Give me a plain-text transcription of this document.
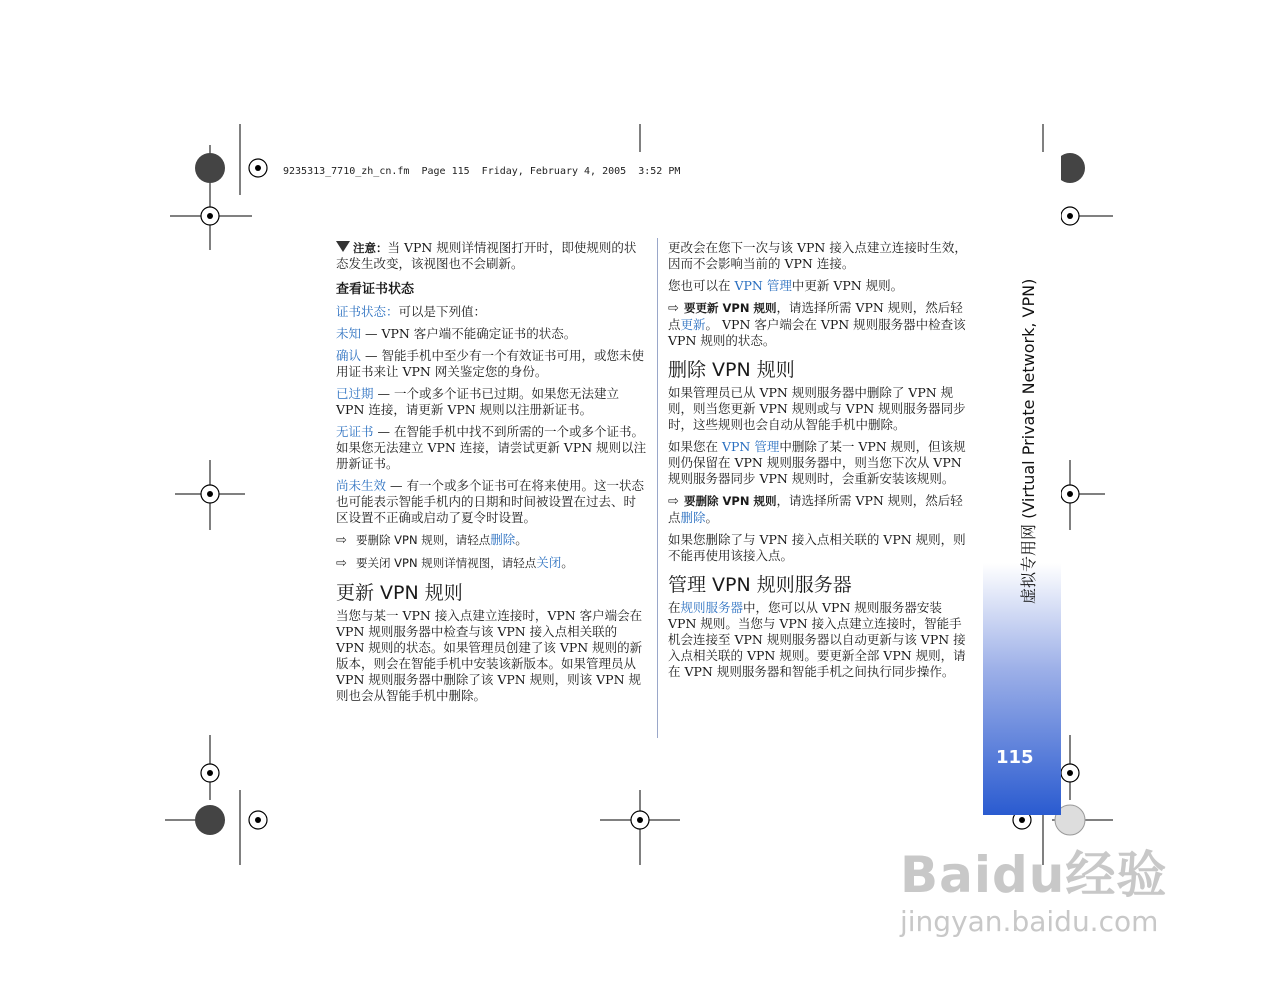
9235313_7710_zh_cn.fm  Page 115  Friday, February 4, 2005  3:52 PM
虚拟专用网 (Virtual Private Network, VPN)
115

注意：当 VPN 规则详情视图打开时，即使规则的状态发生改变，该视图也不会刷新。

查看证书状态

证书状态：可以是下列值：

未知 — VPN 客户端不能确定证书的状态。

确认 — 智能手机中至少有一个有效证书可用，或您未使用证书来让 VPN 网关鉴定您的身份。

已过期 — 一个或多个证书已过期。如果您无法建立 VPN 连接，请更新 VPN 规则以注册新证书。

无证书 — 在智能手机中找不到所需的一个或多个证书。如果您无法建立 VPN 连接，请尝试更新 VPN 规则以注册新证书。

尚未生效 — 有一个或多个证书可在将来使用。这一状态也可能表示智能手机内的日期和时间被设置在过去、时区设置不正确或启动了夏令时设置。

⇨ 要删除 VPN 规则，请轻点删除。

⇨ 要关闭 VPN 规则详情视图，请轻点关闭。

更新 VPN 规则

当您与某一 VPN 接入点建立连接时，VPN 客户端会在 VPN 规则服务器中检查与该 VPN 接入点相关联的 VPN 规则的状态。如果管理员创建了该 VPN 规则的新版本，则会在智能手机中安装该新版本。如果管理员从 VPN 规则服务器中删除了该 VPN 规则，则该 VPN 规则也会从智能手机中删除。

更改会在您下一次与该 VPN 接入点建立连接时生效，因而不会影响当前的 VPN 连接。

您也可以在 VPN 管理中更新 VPN 规则。

⇨ 要更新 VPN 规则，请选择所需 VPN 规则，然后轻点更新。 VPN 客户端会在 VPN 规则服务器中检查该 VPN 规则的状态。

删除 VPN 规则

如果管理员已从 VPN 规则服务器中删除了 VPN 规则，则当您更新 VPN 规则或与 VPN 规则服务器同步时，这些规则也会自动从智能手机中删除。

如果您在 VPN 管理中删除了某一 VPN 规则，但该规则仍保留在 VPN 规则服务器中，则当您下次从 VPN 规则服务器同步 VPN 规则时，会重新安装该规则。

⇨ 要删除 VPN 规则，请选择所需 VPN 规则，然后轻点删除。

如果您删除了与 VPN 接入点相关联的 VPN 规则，则不能再使用该接入点。

管理 VPN 规则服务器

在规则服务器中，您可以从 VPN 规则服务器安装 VPN 规则。当您与 VPN 接入点建立连接时，智能手机会连接至 VPN 规则服务器以自动更新与该 VPN 接入点相关联的 VPN 规则。要更新全部 VPN 规则，请在 VPN 规则服务器和智能手机之间执行同步操作。

Baidu经验
jingyan.baidu.com
